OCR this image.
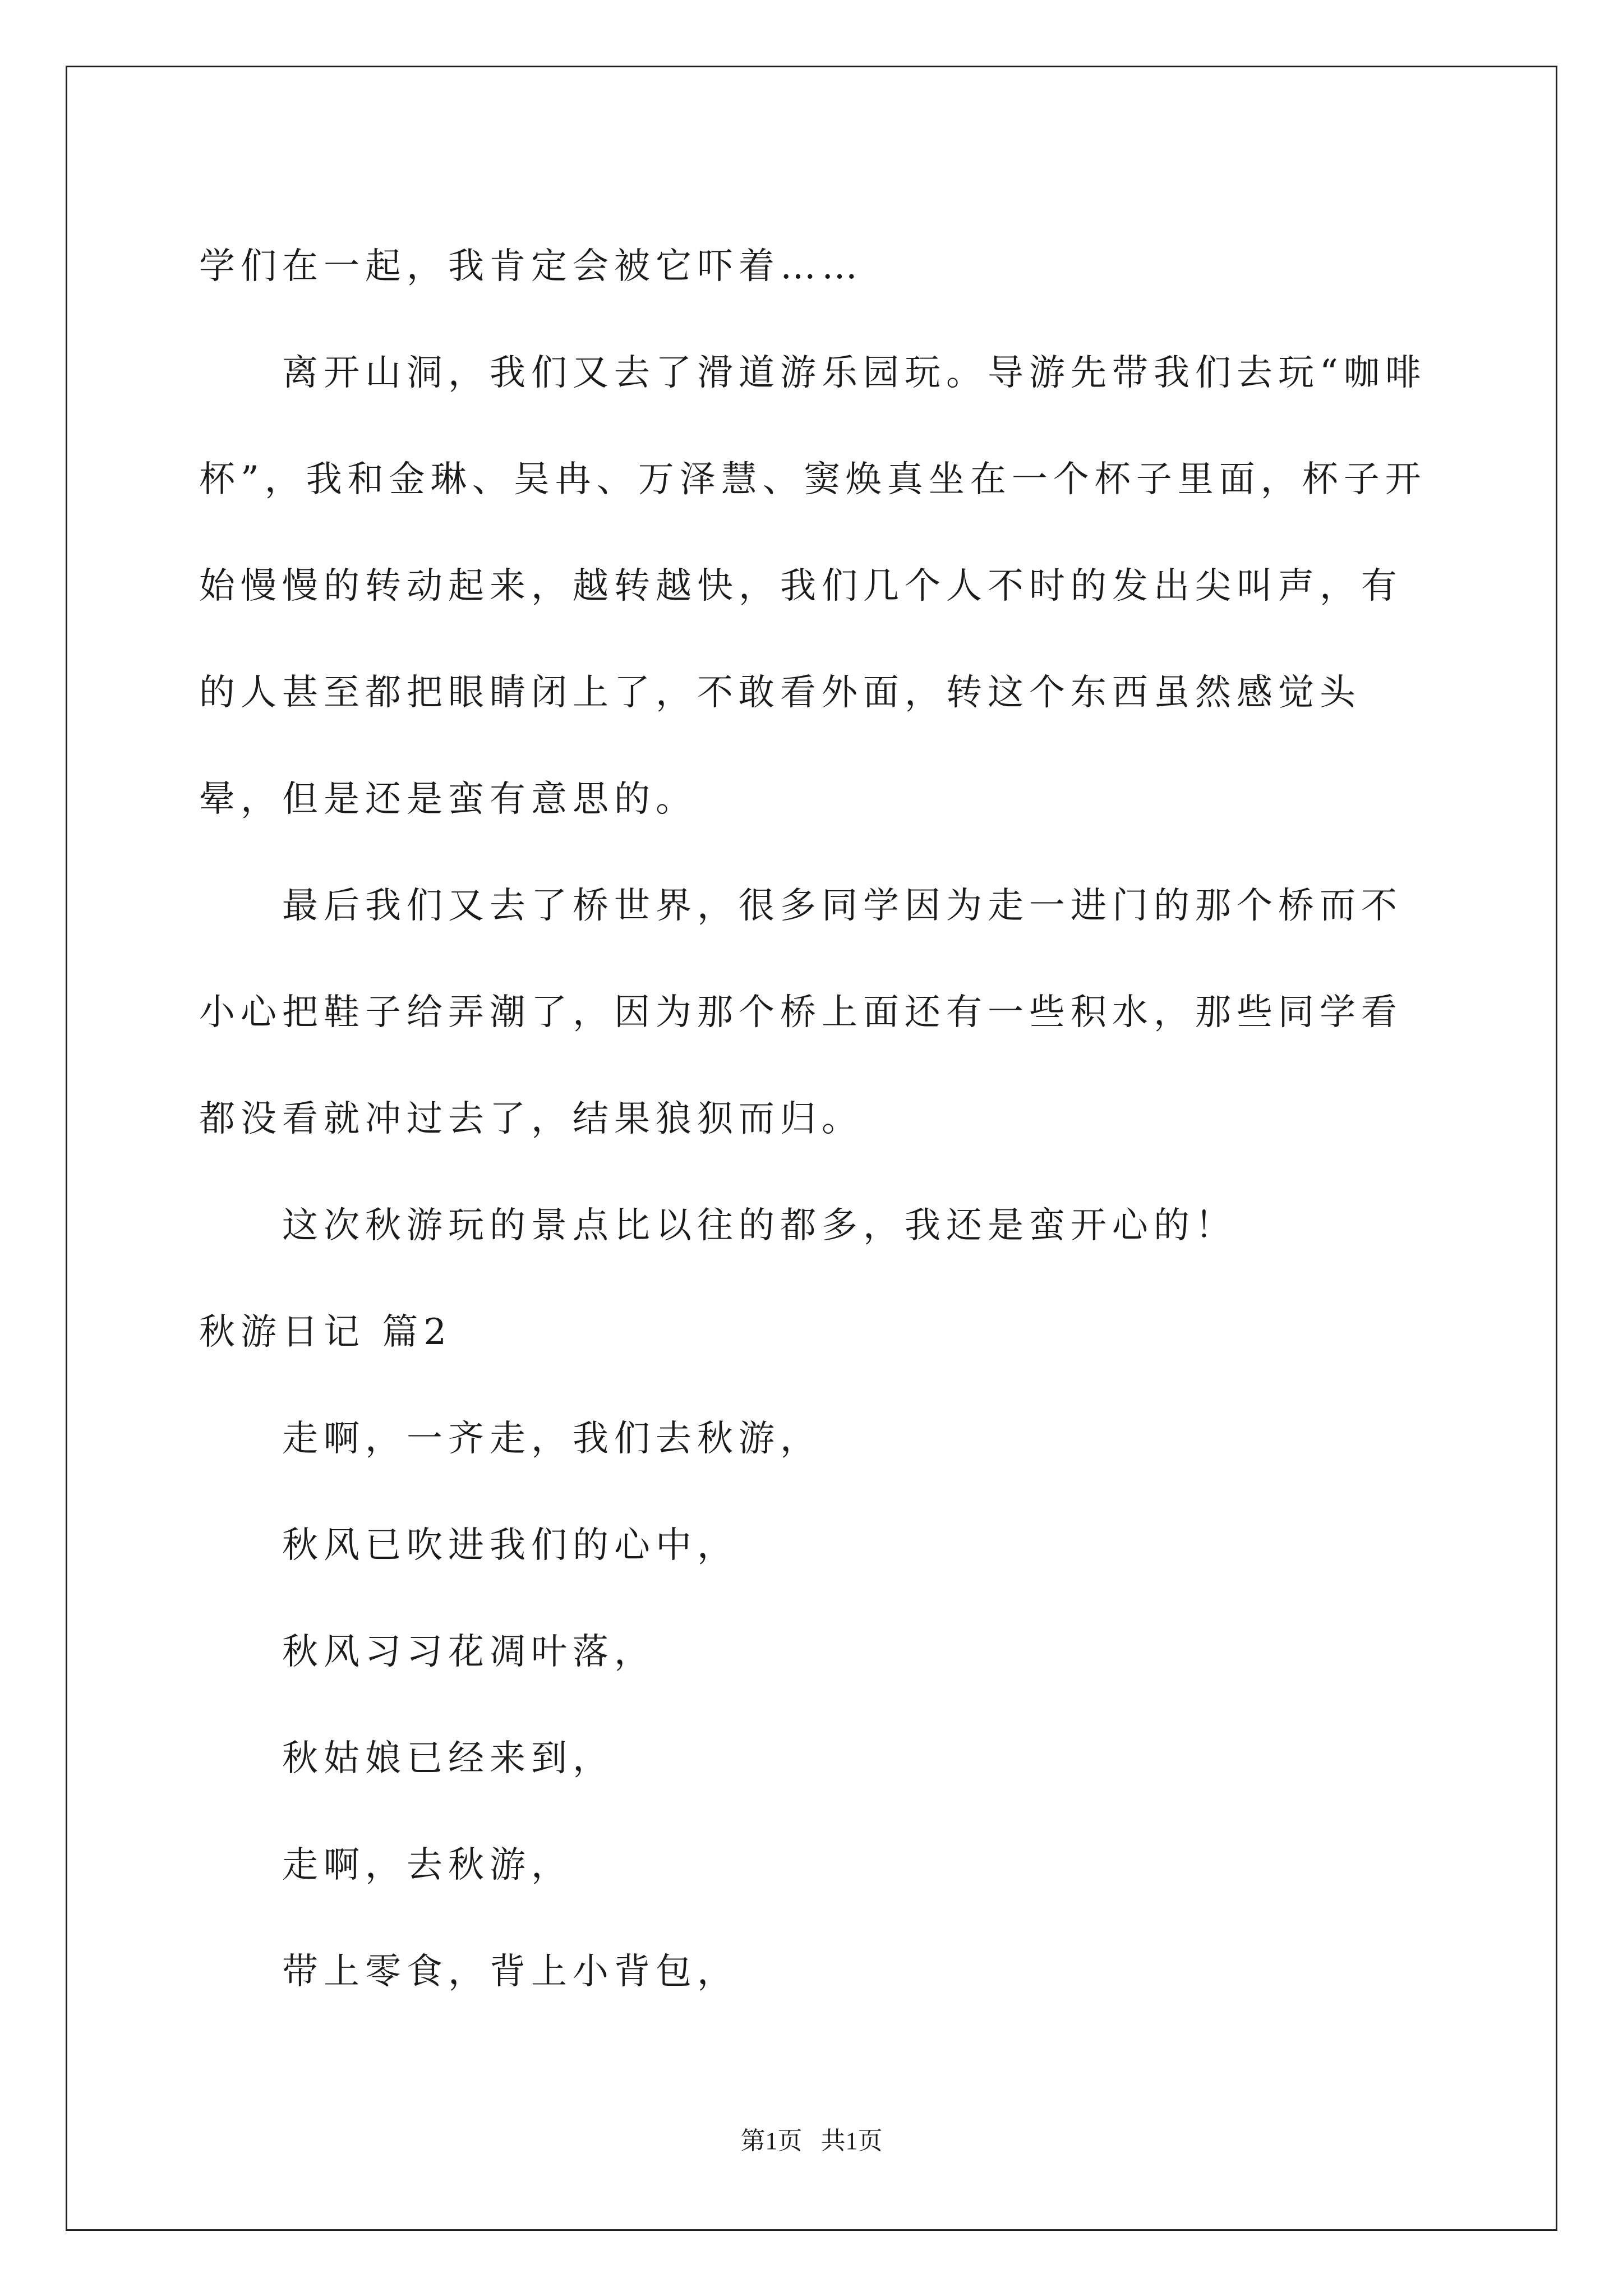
学们在一起，我肯定会被它吓着……

离开山洞，我们又去了滑道游乐园玩。导游先带我们去玩“咖啡杯”，我和金琳、吴冉、万泽慧、窦焕真坐在一个杯子里面，杯子开始慢慢的转动起来，越转越快，我们几个人不时的发出尖叫声，有的人甚至都把眼睛闭上了，不敢看外面，转这个东西虽然感觉头晕，但是还是蛮有意思的。

最后我们又去了桥世界，很多同学因为走一进门的那个桥而不小心把鞋子给弄潮了，因为那个桥上面还有一些积水，那些同学看都没看就冲过去了，结果狼狈而归。

这次秋游玩的景点比以往的都多，我还是蛮开心的！

秋游日记 篇2

走啊，一齐走，我们去秋游，

秋风已吹进我们的心中，

秋风习习花凋叶落，

秋姑娘已经来到，

走啊，去秋游，

带上零食，背上小背包，

第1页 共1页
